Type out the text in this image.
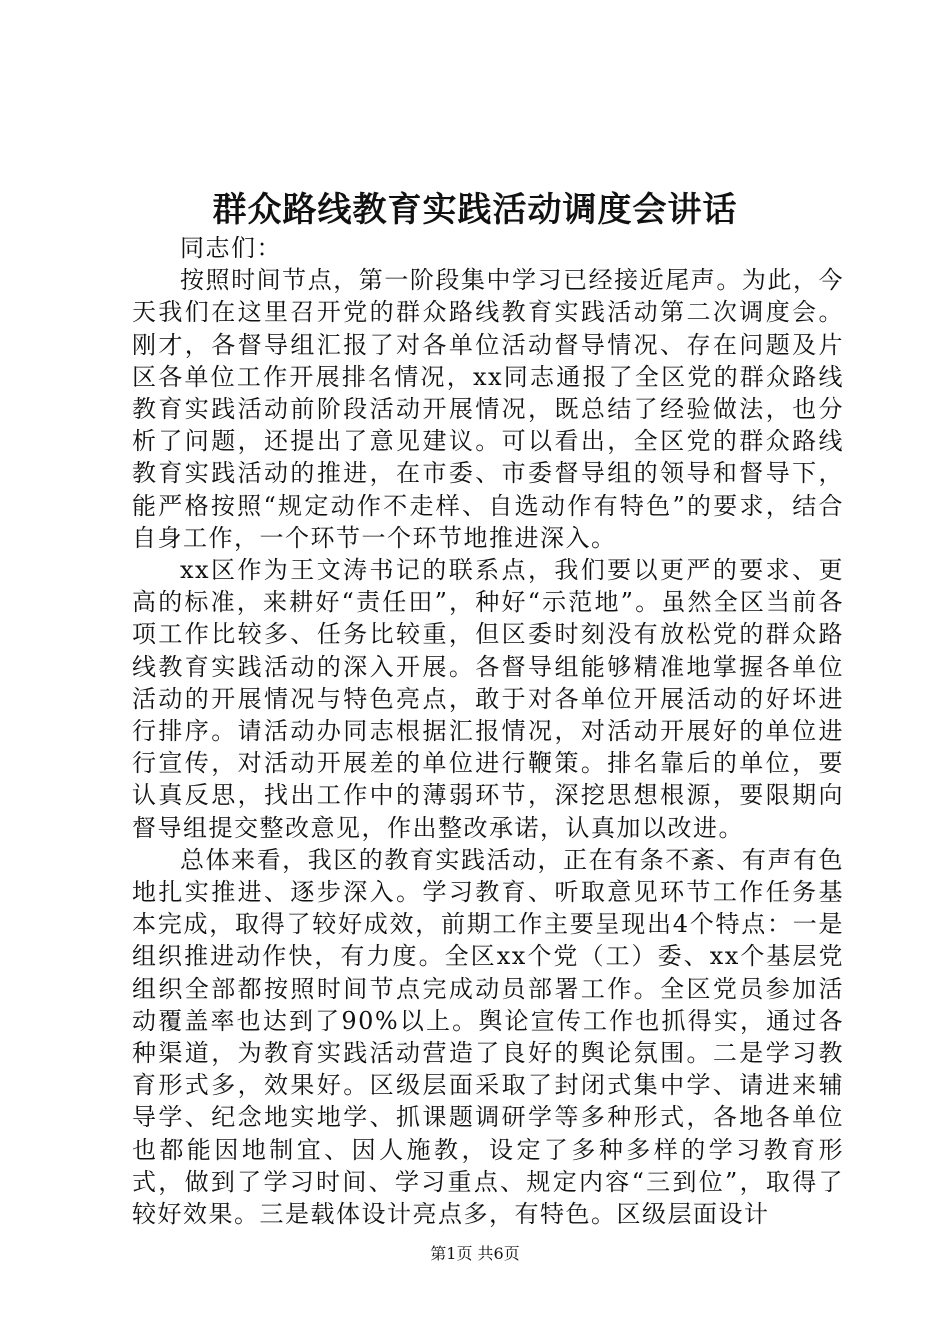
群众路线教育实践活动调度会讲话

同志们：

按照时间节点，第一阶段集中学习已经接近尾声。为此，今天我们在这里召开党的群众路线教育实践活动第二次调度会。刚才，各督导组汇报了对各单位活动督导情况、存在问题及片区各单位工作开展排名情况，xx同志通报了全区党的群众路线教育实践活动前阶段活动开展情况，既总结了经验做法，也分析了问题，还提出了意见建议。可以看出，全区党的群众路线教育实践活动的推进，在市委、市委督导组的领导和督导下，能严格按照“规定动作不走样、自选动作有特色”的要求，结合自身工作，一个环节一个环节地推进深入。

xx区作为王文涛书记的联系点，我们要以更严的要求、更高的标准，来耕好“责任田”，种好“示范地”。虽然全区当前各项工作比较多、任务比较重，但区委时刻没有放松党的群众路线教育实践活动的深入开展。各督导组能够精准地掌握各单位活动的开展情况与特色亮点，敢于对各单位开展活动的好坏进行排序。请活动办同志根据汇报情况，对活动开展好的单位进行宣传，对活动开展差的单位进行鞭策。排名靠后的单位，要认真反思，找出工作中的薄弱环节，深挖思想根源，要限期向督导组提交整改意见，作出整改承诺，认真加以改进。

总体来看，我区的教育实践活动，正在有条不紊、有声有色地扎实推进、逐步深入。学习教育、听取意见环节工作任务基本完成，取得了较好成效，前期工作主要呈现出4个特点：一是组织推进动作快，有力度。全区xx个党（工）委、xx个基层党组织全部都按照时间节点完成动员部署工作。全区党员参加活动覆盖率也达到了90%以上。舆论宣传工作也抓得实，通过各种渠道，为教育实践活动营造了良好的舆论氛围。二是学习教育形式多，效果好。区级层面采取了封闭式集中学、请进来辅导学、纪念地实地学、抓课题调研学等多种形式，各地各单位也都能因地制宜、因人施教，设定了多种多样的学习教育形式，做到了学习时间、学习重点、规定内容“三到位”，取得了较好效果。三是载体设计亮点多，有特色。区级层面设计

第1页 共6页
